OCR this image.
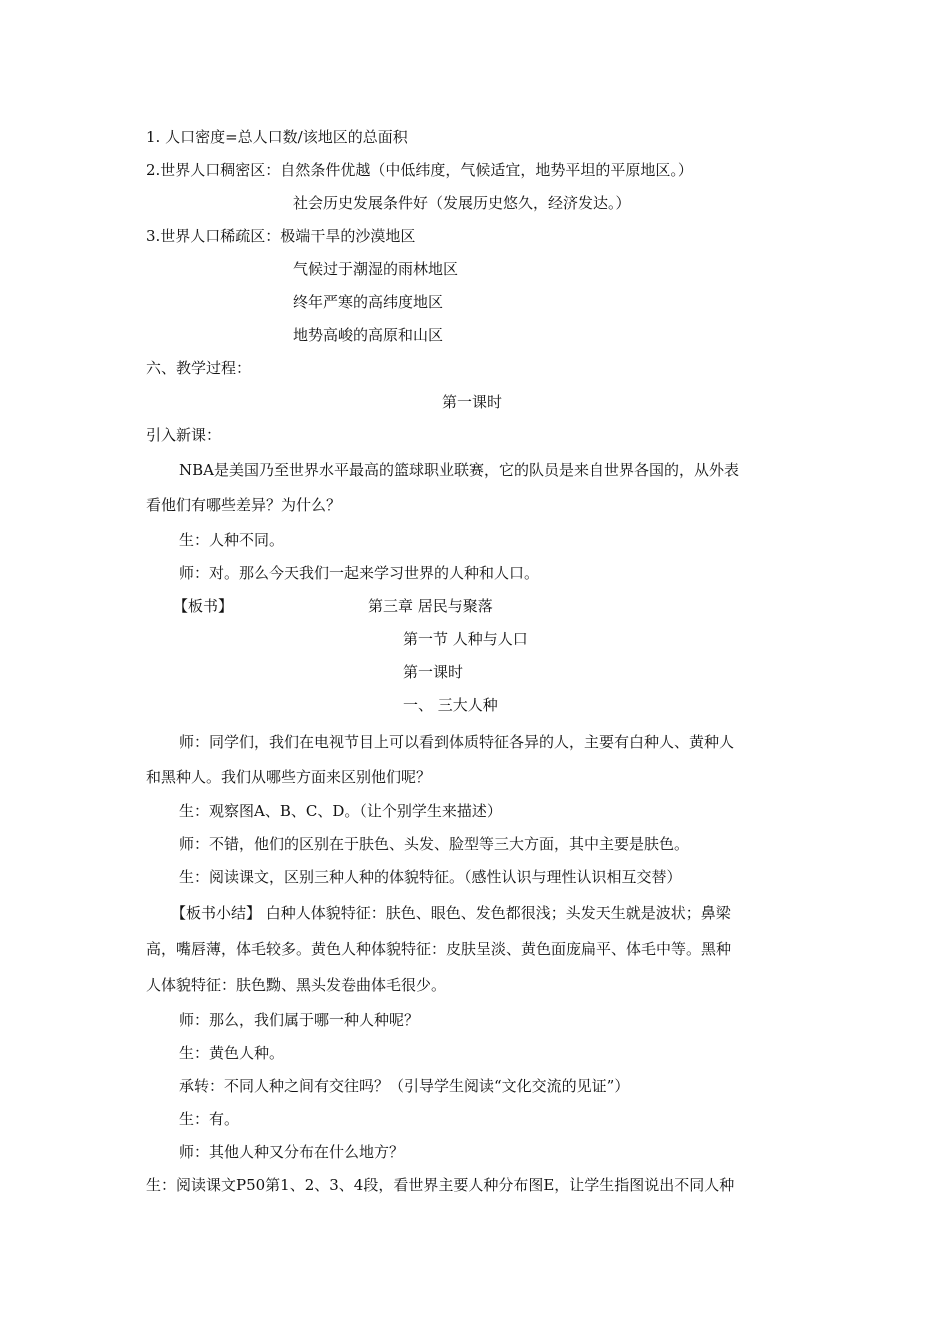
1. 人口密度=总人口数/该地区的总面积
2.世界人口稠密区：自然条件优越（中低纬度，气候适宜，地势平坦的平原地区。）
社会历史发展条件好（发展历史悠久，经济发达。）
3.世界人口稀疏区：极端干旱的沙漠地区
气候过于潮湿的雨林地区
终年严寒的高纬度地区
地势高峻的高原和山区
六、教学过程：
第一课时
引入新课：
NBA是美国乃至世界水平最高的篮球职业联赛，它的队员是来自世界各国的，从外表
看他们有哪些差异？为什么？
生：人种不同。
师：对。那么今天我们一起来学习世界的人种和人口。
【板书】	第三章 居民与聚落
第一节 人种与人口
第一课时
一、 三大人种
师：同学们，我们在电视节目上可以看到体质特征各异的人，主要有白种人、黄种人
和黑种人。我们从哪些方面来区别他们呢？
生：观察图A、B、C、D。（让个别学生来描述）
师：不错，他们的区别在于肤色、头发、脸型等三大方面，其中主要是肤色。
生：阅读课文，区别三种人种的体貌特征。（感性认识与理性认识相互交替）
【板书小结】 白种人体貌特征：肤色、眼色、发色都很浅；头发天生就是波状；鼻梁
高，嘴唇薄，体毛较多。黄色人种体貌特征：皮肤呈淡、黄色面庞扁平、体毛中等。黑种
人体貌特征：肤色黝、黑头发卷曲体毛很少。
师：那么，我们属于哪一种人种呢？
生：黄色人种。
承转：不同人种之间有交往吗？（引导学生阅读“文化交流的见证”）
生：有。
师：其他人种又分布在什么地方？
生：阅读课文P50第1、2、3、4段，看世界主要人种分布图E，让学生指图说出不同人种
